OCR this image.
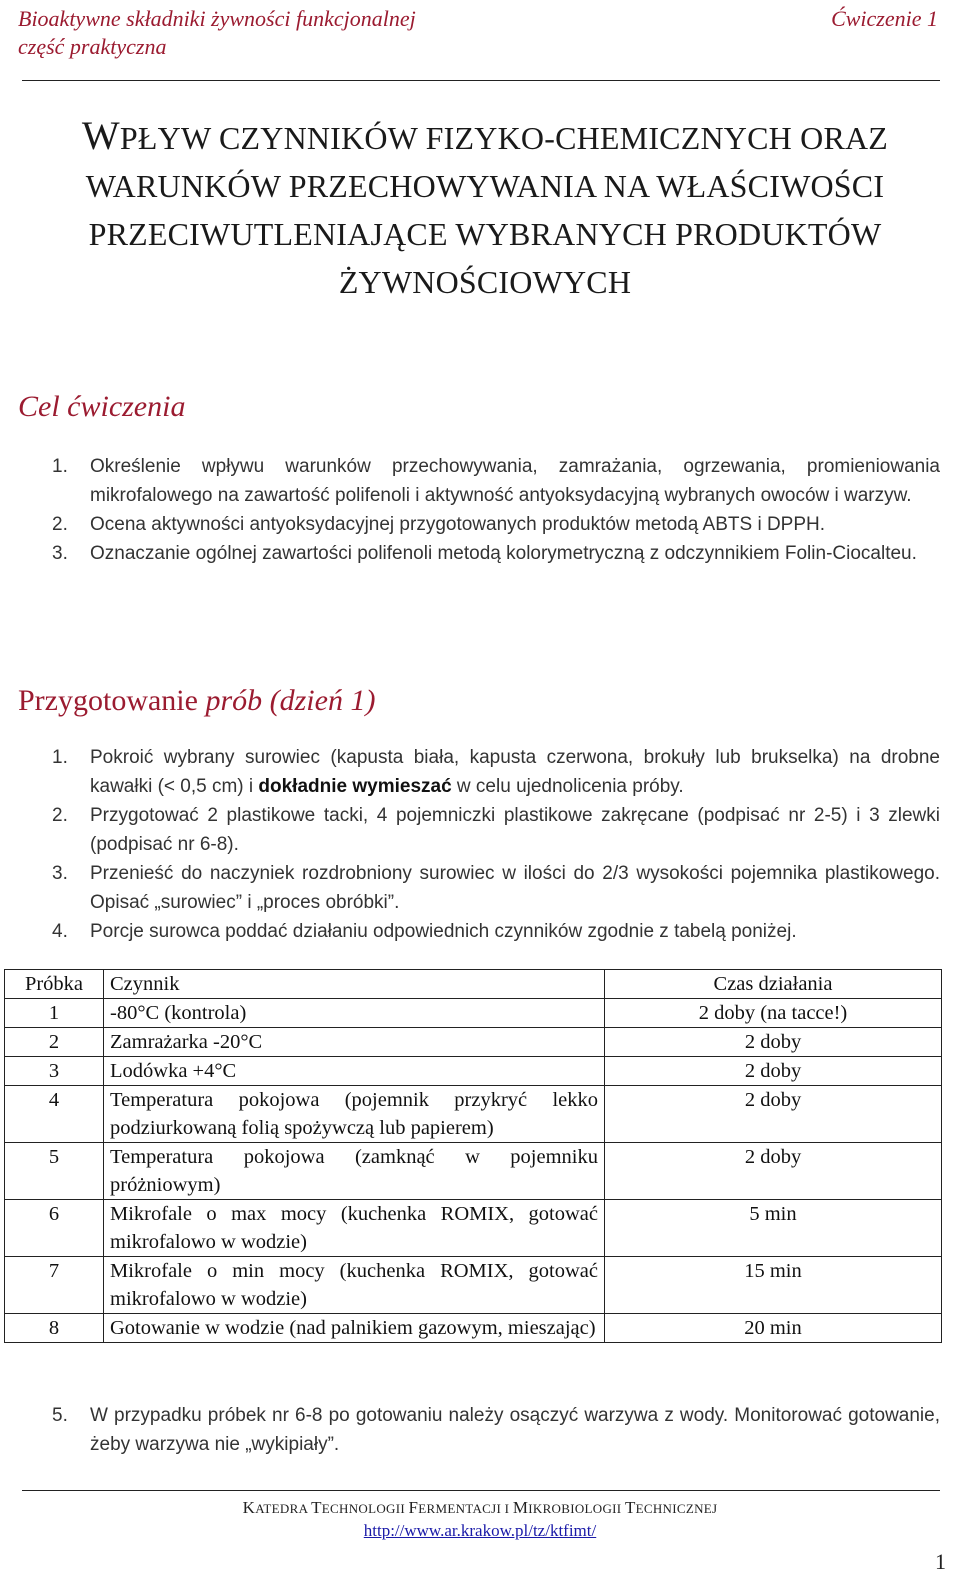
Bioaktywne składniki żywności funkcjonalnej	Ćwiczenie 1
część praktyczna
WPŁYW CZYNNIKÓW FIZYKO-CHEMICZNYCH ORAZ
WARUNKÓW PRZECHOWYWANIA NA WŁAŚCIWOŚCI
PRZECIWUTLENIAJĄCE WYBRANYCH PRODUKTÓW
ŻYWNOŚCIOWYCH
Cel ćwiczenia
1. Określenie wpływu warunków przechowywania, zamrażania, ogrzewania, promieniowania mikrofalowego na zawartość polifenoli i aktywność antyoksydacyjną wybranych owoców i warzyw.
2. Ocena aktywności antyoksydacyjnej przygotowanych produktów metodą ABTS i DPPH.
3. Oznaczanie ogólnej zawartości polifenoli metodą kolorymetryczną z odczynnikiem Folin-Ciocalteu.
Przygotowanie prób (dzień 1)
1. Pokroić wybrany surowiec (kapusta biała, kapusta czerwona, brokuły lub brukselka) na drobne kawałki (< 0,5 cm) i dokładnie wymieszać w celu ujednolicenia próby.
2. Przygotować 2 plastikowe tacki, 4 pojemniczki plastikowe zakręcane (podpisać nr 2-5) i 3 zlewki (podpisać nr 6-8).
3. Przenieść do naczyniek rozdrobniony surowiec w ilości do 2/3 wysokości pojemnika plastikowego. Opisać „surowiec” i „proces obróbki”.
4. Porcje surowca poddać działaniu odpowiednich czynników zgodnie z tabelą poniżej.
Próbka	Czynnik	Czas działania
1	-80°C (kontrola)	2 doby (na tacce!)
2	Zamrażarka -20°C	2 doby
3	Lodówka +4°C	2 doby
4	Temperatura pokojowa (pojemnik przykryć lekko podziurkowaną folią spożywczą lub papierem)	2 doby
5	Temperatura pokojowa (zamknąć w pojemniku próżniowym)	2 doby
6	Mikrofale o max mocy (kuchenka ROMIX, gotować mikrofalowo w wodzie)	5 min
7	Mikrofale o min mocy (kuchenka ROMIX, gotować mikrofalowo w wodzie)	15 min
8	Gotowanie w wodzie (nad palnikiem gazowym, mieszając)	20 min
5. W przypadku próbek nr 6-8 po gotowaniu należy osączyć warzywa z wody. Monitorować gotowanie, żeby warzywa nie „wykipiały”.
KATEDRA TECHNOLOGII FERMENTACJI I MIKROBIOLOGII TECHNICZNEJ
http://www.ar.krakow.pl/tz/ktfimt/
1
